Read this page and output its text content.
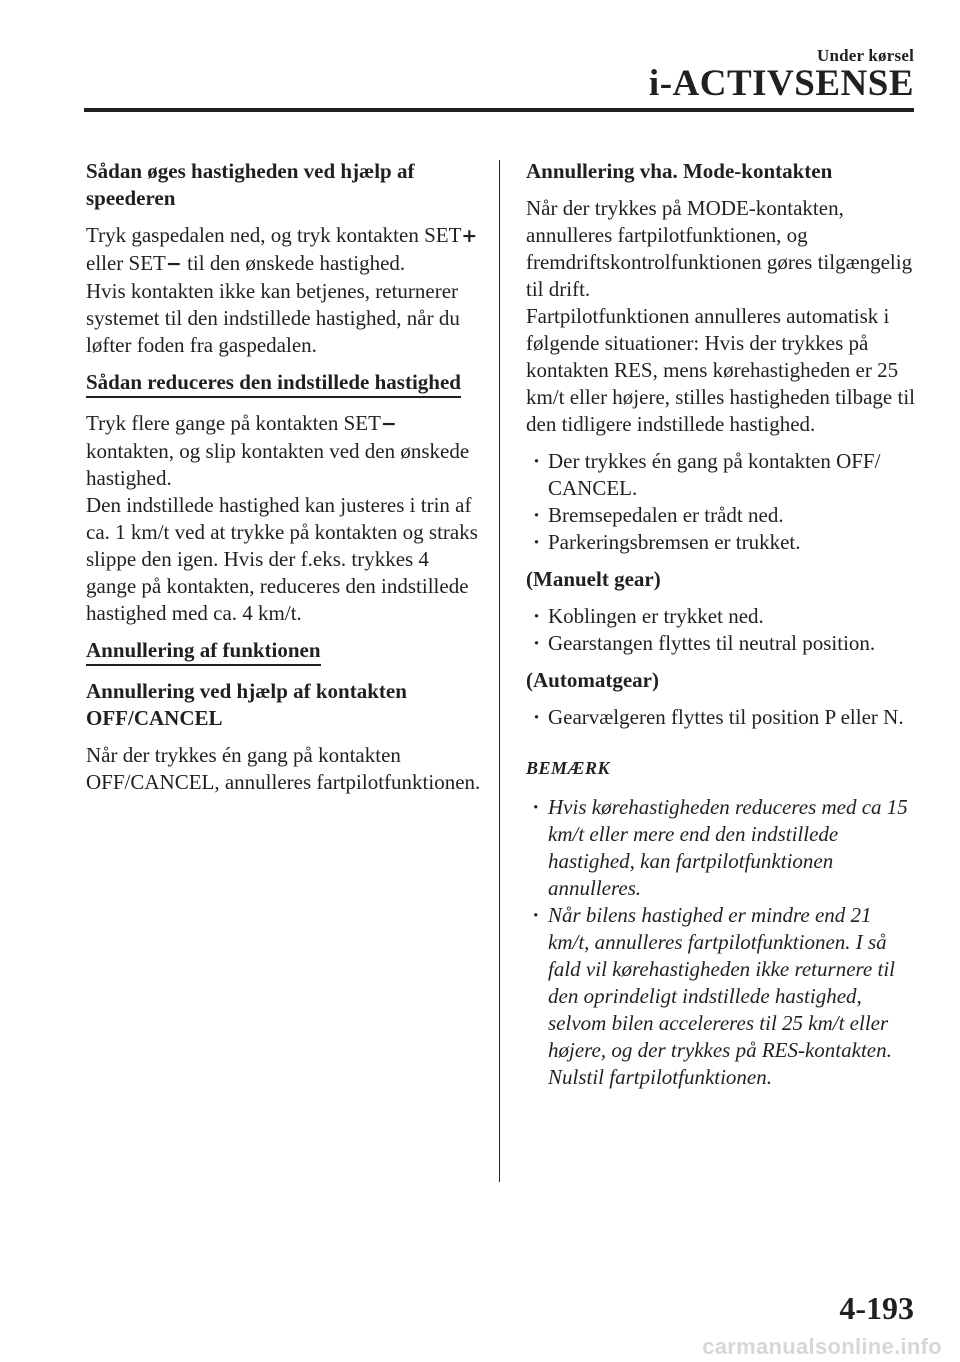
Under kørsel
i-ACTIVSENSE
Sådan øges hastigheden ved hjælp af speederen

Tryk gaspedalen ned, og tryk kontakten SET+ eller SET− til den ønskede hastighed.
Hvis kontakten ikke kan betjenes, returnerer systemet til den indstillede hastighed, når du løfter foden fra gaspedalen.

Sådan reduceres den indstillede hastighed

Tryk flere gange på kontakten SET−
kontakten, og slip kontakten ved den ønskede hastighed.
Den indstillede hastighed kan justeres i trin af ca. 1 km/t ved at trykke på kontakten og straks slippe den igen. Hvis der f.eks. trykkes 4 gange på kontakten, reduceres den indstillede hastighed med ca. 4 km/t.

Annullering af funktionen
Annullering ved hjælp af kontakten OFF/CANCEL

Når der trykkes én gang på kontakten OFF/CANCEL, annulleres fartpilotfunktionen.

Annullering vha. Mode-kontakten

Når der trykkes på MODE-kontakten, annulleres fartpilotfunktionen, og fremdriftskontrolfunktionen gøres tilgængelig til drift.
Fartpilotfunktionen annulleres automatisk i følgende situationer: Hvis der trykkes på kontakten RES, mens kørehastigheden er 25 km/t eller højere, stilles hastigheden tilbage til den tidligere indstillede hastighed.

· Der trykkes én gang på kontakten OFF/ CANCEL.
· Bremsepedalen er trådt ned.
· Parkeringsbremsen er trukket.
(Manuelt gear)
· Koblingen er trykket ned.
· Gearstangen flyttes til neutral position.
(Automatgear)
· Gearvælgeren flyttes til position P eller N.
BEMÆRK
· Hvis kørehastigheden reduceres med ca 15 km/t eller mere end den indstillede hastighed, kan fartpilotfunktionen annulleres.
· Når bilens hastighed er mindre end 21 km/t, annulleres fartpilotfunktionen. I så fald vil kørehastigheden ikke returnere til den oprindeligt indstillede hastighed, selvom bilen accelereres til 25 km/t eller højere, og der trykkes på RES-kontakten. Nulstil fartpilotfunktionen.
4-193
carmanualsonline.info
